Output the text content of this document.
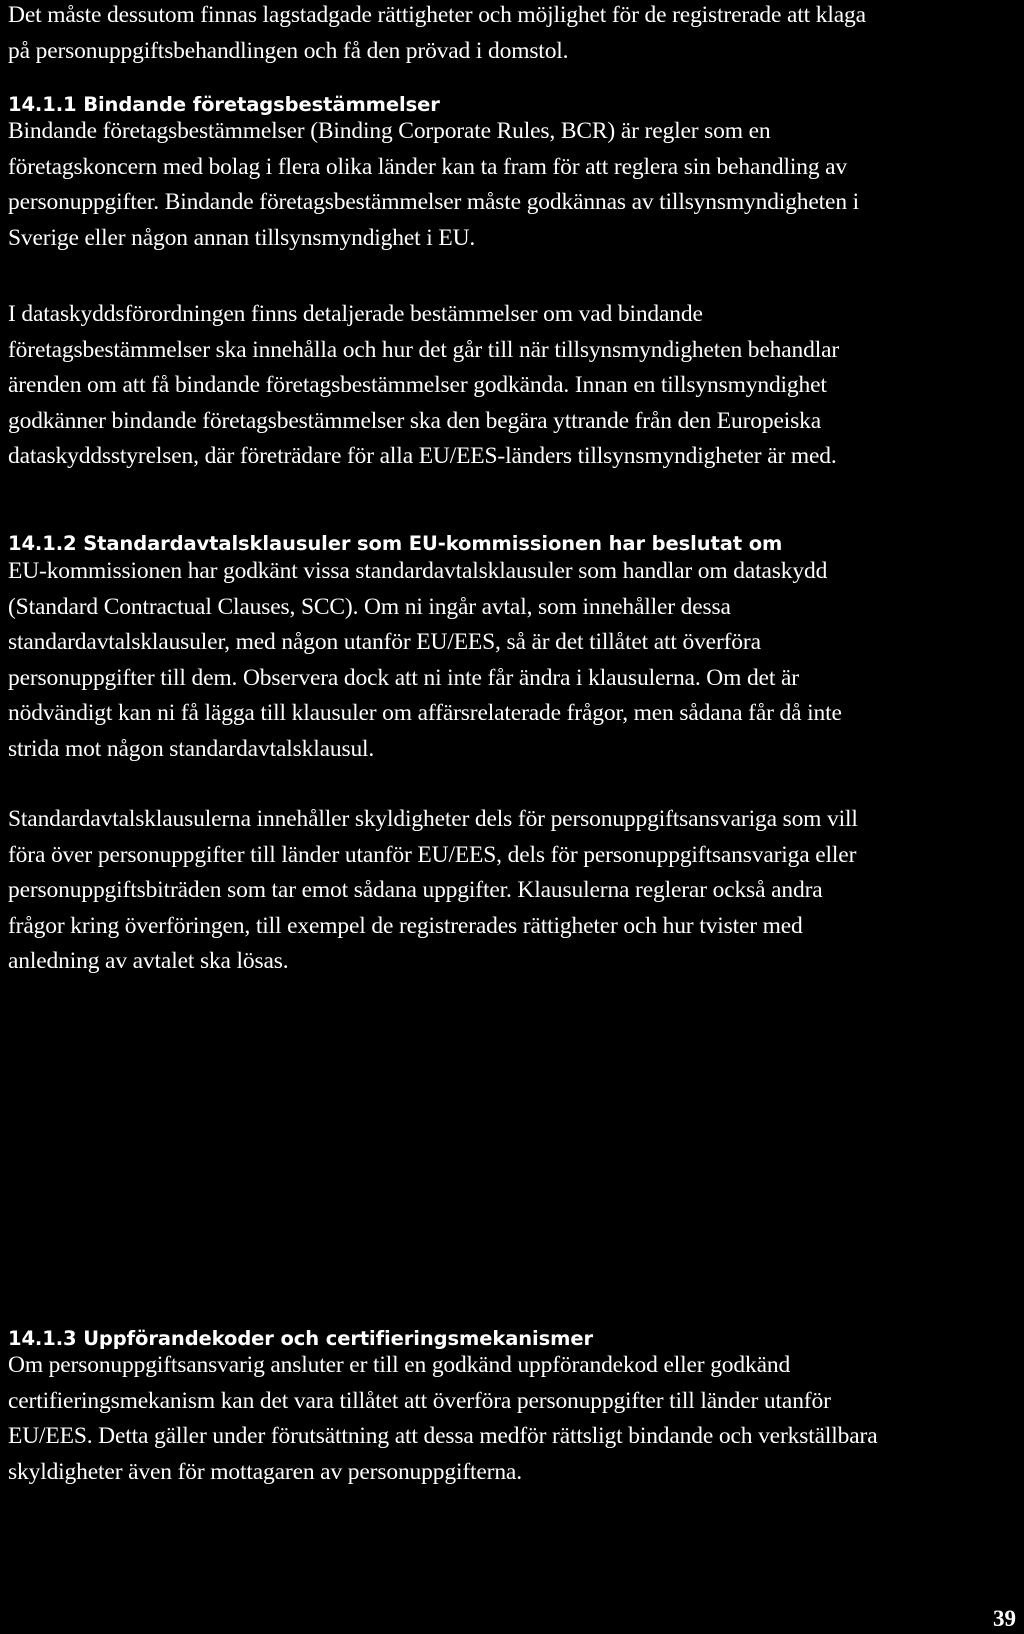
Det måste dessutom finnas lagstadgade rättigheter och möjlighet för de registrerade att klaga
på personuppgiftsbehandlingen och få den prövad i domstol.

14.1.1 Bindande företagsbestämmelser

Bindande företagsbestämmelser (Binding Corporate Rules, BCR) är regler som en
företagskoncern med bolag i flera olika länder kan ta fram för att reglera sin behandling av
personuppgifter. Bindande företagsbestämmelser måste godkännas av tillsynsmyndigheten i
Sverige eller någon annan tillsynsmyndighet i EU.

I dataskyddsförordningen finns detaljerade bestämmelser om vad bindande
företagsbestämmelser ska innehålla och hur det går till när tillsynsmyndigheten behandlar
ärenden om att få bindande företagsbestämmelser godkända. Innan en tillsynsmyndighet
godkänner bindande företagsbestämmelser ska den begära yttrande från den Europeiska
dataskyddsstyrelsen, där företrädare för alla EU/EES-länders tillsynsmyndigheter är med.

14.1.2 Standardavtalsklausuler som EU-kommissionen har beslutat om

EU-kommissionen har godkänt vissa standardavtalsklausuler som handlar om dataskydd
(Standard Contractual Clauses, SCC). Om ni ingår avtal, som innehåller dessa
standardavtalsklausuler, med någon utanför EU/EES, så är det tillåtet att överföra
personuppgifter till dem. Observera dock att ni inte får ändra i klausulerna. Om det är
nödvändigt kan ni få lägga till klausuler om affärsrelaterade frågor, men sådana får då inte
strida mot någon standardavtalsklausul.

Standardavtalsklausulerna innehåller skyldigheter dels för personuppgiftsansvariga som vill
föra över personuppgifter till länder utanför EU/EES, dels för personuppgiftsansvariga eller
personuppgiftsbiträden som tar emot sådana uppgifter. Klausulerna reglerar också andra
frågor kring överföringen, till exempel de registrerades rättigheter och hur tvister med
anledning av avtalet ska lösas.

14.1.3 Uppförandekoder och certifieringsmekanismer

Om personuppgiftsansvarig ansluter er till en godkänd uppförandekod eller godkänd
certifieringsmekanism kan det vara tillåtet att överföra personuppgifter till länder utanför
EU/EES. Detta gäller under förutsättning att dessa medför rättsligt bindande och verkställbara
skyldigheter även för mottagaren av personuppgifterna.

39
